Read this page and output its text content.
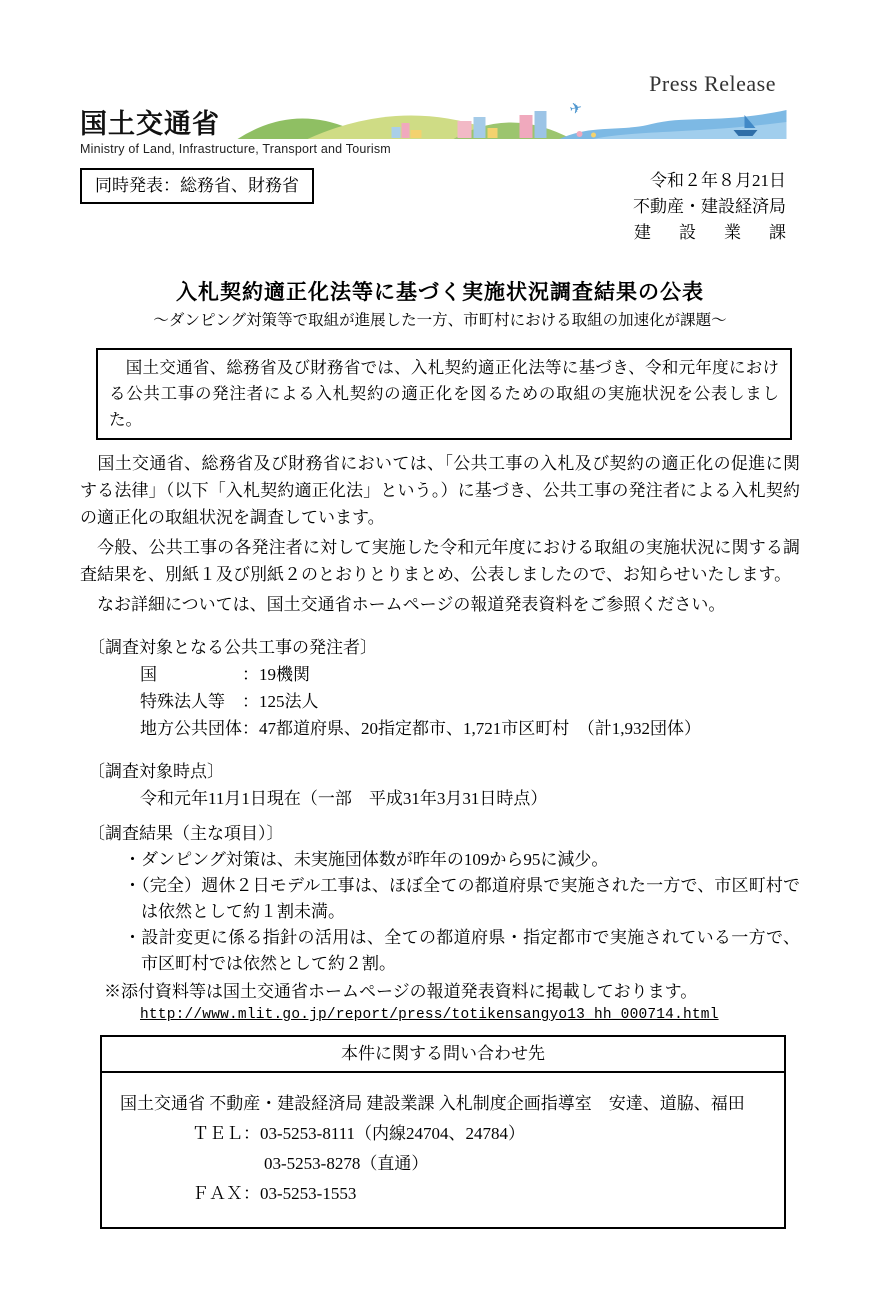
Press Release
国土交通省	✈
Ministry of Land, Infrastructure, Transport and Tourism
同時発表：総務省、財務省	令和２年８月21日
不動産・建設経済局
建　設　業　課
入札契約適正化法等に基づく実施状況調査結果の公表
～ダンピング対策等で取組が進展した一方、市町村における取組の加速化が課題～
　国土交通省、総務省及び財務省では、入札契約適正化法等に基づき、令和元年度における公共工事の発注者による入札契約の適正化を図るための取組の実施状況を公表しました。

　国土交通省、総務省及び財務省においては、「公共工事の入札及び契約の適正化の促進に関する法律」（以下「入札契約適正化法」という。）に基づき、公共工事の発注者による入札契約の適正化の取組状況を調査しています。

　今般、公共工事の各発注者に対して実施した令和元年度における取組の実施状況に関する調査結果を、別紙１及び別紙２のとおりとりまとめ、公表しましたので、お知らせいたします。

　なお詳細については、国土交通省ホームページの報道発表資料をご参照ください。

〔調査対象となる公共工事の発注者〕
国　　　　　：19機関
特殊法人等　：125法人
地方公共団体：47都道府県、20指定都市、1,721市区町村　（計1,932団体）
〔調査対象時点〕
令和元年11月1日現在（一部　平成31年3月31日時点）
〔調査結果（主な項目）〕
・ダンピング対策は、未実施団体数が昨年の109から95に減少。
・（完全）週休２日モデル工事は、ほぼ全ての都道府県で実施された一方で、市区町村では依然として約１割未満。
・設計変更に係る指針の活用は、全ての都道府県・指定都市で実施されている一方で、市区町村では依然として約２割。
※添付資料等は国土交通省ホームページの報道発表資料に掲載しております。
http://www.mlit.go.jp/report/press/totikensangyo13_hh_000714.html
本件に関する問い合わせ先
国土交通省 不動産・建設経済局 建設業課 入札制度企画指導室　安達、道脇、福田
ＴＥＬ：03-5253-8111（内線24704、24784）
03-5253-8278（直通）
ＦＡＸ：03-5253-1553
